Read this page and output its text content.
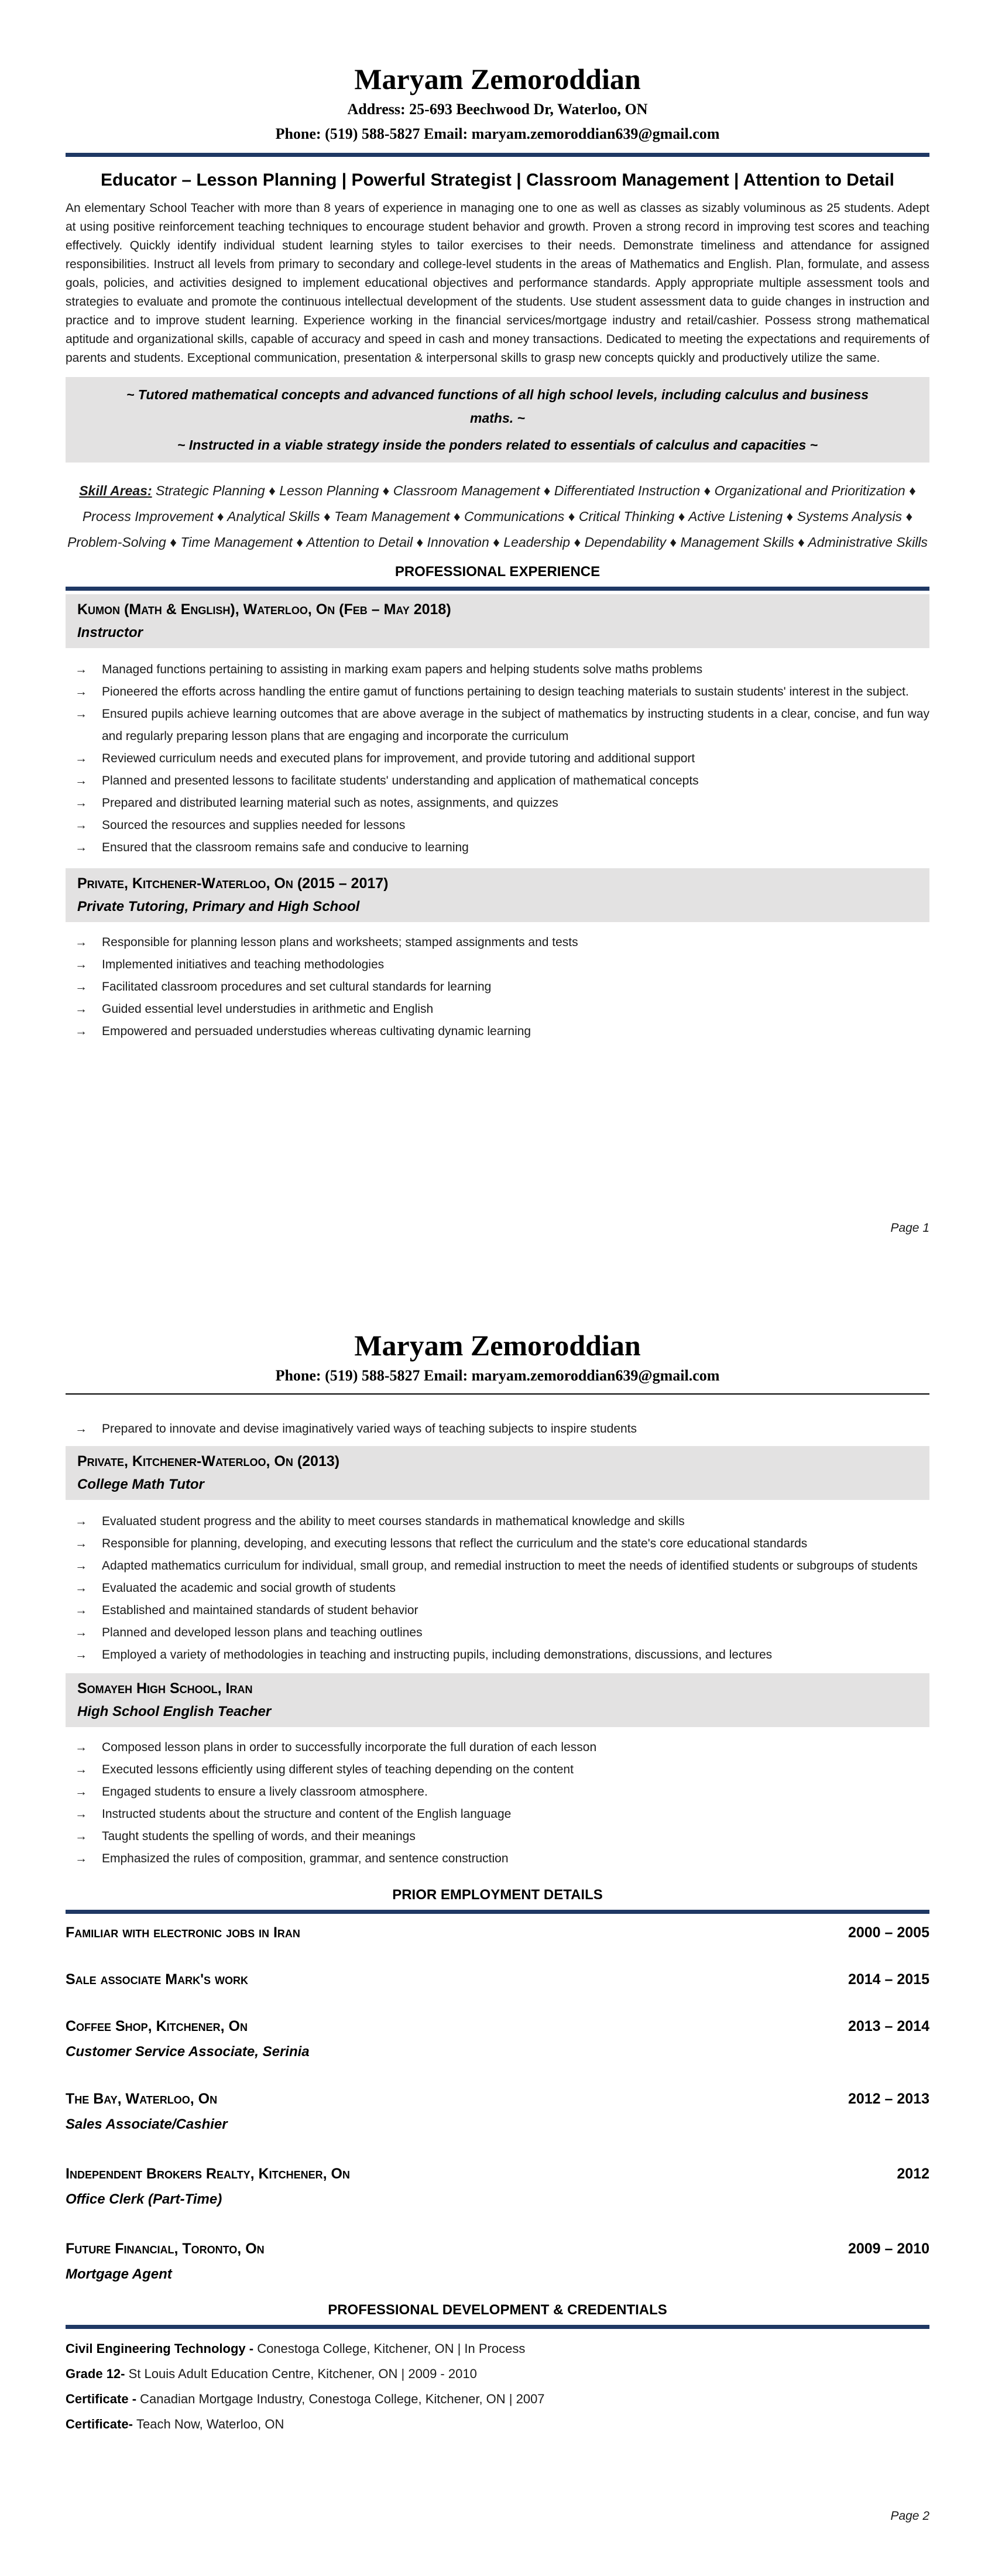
Maryam Zemoroddian
Address: 25-693 Beechwood Dr, Waterloo, ON
Phone: (519) 588-5827 Email: maryam.zemoroddian639@gmail.com
Educator – Lesson Planning | Powerful Strategist | Classroom Management | Attention to Detail

An elementary School Teacher with more than 8 years of experience in managing one to one as well as classes as sizably voluminous as 25 students. Adept at using positive reinforcement teaching techniques to encourage student behavior and growth. Proven a strong record in improving test scores and teaching effectively. Quickly identify individual student learning styles to tailor exercises to their needs. Demonstrate timeliness and attendance for assigned responsibilities. Instruct all levels from primary to secondary and college-level students in the areas of Mathematics and English. Plan, formulate, and assess goals, policies, and activities designed to implement educational objectives and performance standards. Apply appropriate multiple assessment tools and strategies to evaluate and promote the continuous intellectual development of the students. Use student assessment data to guide changes in instruction and practice and to improve student learning. Experience working in the financial services/mortgage industry and retail/cashier. Possess strong mathematical aptitude and organizational skills, capable of accuracy and speed in cash and money transactions. Dedicated to meeting the expectations and requirements of parents and students. Exceptional communication, presentation & interpersonal skills to grasp new concepts quickly and productively utilize the same.

~ Tutored mathematical concepts and advanced functions of all high school levels, including calculus and business maths. ~

~ Instructed in a viable strategy inside the ponders related to essentials of calculus and capacities ~

Skill Areas: Strategic Planning ♦ Lesson Planning ♦ Classroom Management ♦ Differentiated Instruction ♦ Organizational and Prioritization ♦ Process Improvement ♦ Analytical Skills ♦ Team Management ♦ Communications ♦ Critical Thinking ♦ Active Listening ♦ Systems Analysis ♦ Problem-Solving ♦ Time Management ♦ Attention to Detail ♦ Innovation ♦ Leadership ♦ Dependability ♦ Management Skills ♦ Administrative Skills

PROFESSIONAL EXPERIENCE
Kumon (Math & English), Waterloo, On (Feb – May 2018)
Instructor
→	Managed functions pertaining to assisting in marking exam papers and helping students solve maths problems
→	Pioneered the efforts across handling the entire gamut of functions pertaining to design teaching materials to sustain students' interest in the subject.
→	Ensured pupils achieve learning outcomes that are above average in the subject of mathematics by instructing students in a clear, concise, and fun way and regularly preparing lesson plans that are engaging and incorporate the curriculum
→	Reviewed curriculum needs and executed plans for improvement, and provide tutoring and additional support
→	Planned and presented lessons to facilitate students' understanding and application of mathematical concepts
→	Prepared and distributed learning material such as notes, assignments, and quizzes
→	Sourced the resources and supplies needed for lessons
→	Ensured that the classroom remains safe and conducive to learning
Private, Kitchener-Waterloo, On (2015 – 2017)
Private Tutoring, Primary and High School
→	Responsible for planning lesson plans and worksheets; stamped assignments and tests
→	Implemented initiatives and teaching methodologies
→	Facilitated classroom procedures and set cultural standards for learning
→	Guided essential level understudies in arithmetic and English
→	Empowered and persuaded understudies whereas cultivating dynamic learning
Page 1
Maryam Zemoroddian
Phone: (519) 588-5827 Email: maryam.zemoroddian639@gmail.com
→	Prepared to innovate and devise imaginatively varied ways of teaching subjects to inspire students
Private, Kitchener-Waterloo, On (2013)
College Math Tutor
→	Evaluated student progress and the ability to meet courses standards in mathematical knowledge and skills
→	Responsible for planning, developing, and executing lessons that reflect the curriculum and the state's core educational standards
→	Adapted mathematics curriculum for individual, small group, and remedial instruction to meet the needs of identified students or subgroups of students
→	Evaluated the academic and social growth of students
→	Established and maintained standards of student behavior
→	Planned and developed lesson plans and teaching outlines
→	Employed a variety of methodologies in teaching and instructing pupils, including demonstrations, discussions, and lectures
Somayeh High School, Iran
High School English Teacher
→	Composed lesson plans in order to successfully incorporate the full duration of each lesson
→	Executed lessons efficiently using different styles of teaching depending on the content
→	Engaged students to ensure a lively classroom atmosphere.
→	Instructed students about the structure and content of the English language
→	Taught students the spelling of words, and their meanings
→	Emphasized the rules of composition, grammar, and sentence construction
PRIOR EMPLOYMENT DETAILS
Familiar with electronic jobs in Iran	2000 – 2005
Sale associate Mark's work	2014 – 2015
Coffee Shop, Kitchener, On	2013 – 2014
Customer Service Associate, Serinia
The Bay, Waterloo, On	2012 – 2013
Sales Associate/Cashier
Independent Brokers Realty, Kitchener, On	2012
Office Clerk (Part-Time)
Future Financial, Toronto, On	2009 – 2010
Mortgage Agent
PROFESSIONAL DEVELOPMENT & CREDENTIALS
Civil Engineering Technology - Conestoga College, Kitchener, ON | In Process
Grade 12- St Louis Adult Education Centre, Kitchener, ON | 2009 - 2010
Certificate - Canadian Mortgage Industry, Conestoga College, Kitchener, ON | 2007
Certificate- Teach Now, Waterloo, ON
Page 2
